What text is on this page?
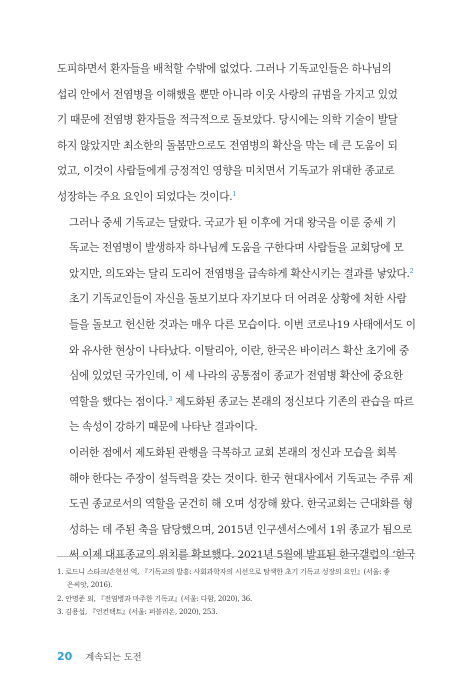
도피하면서 환자들을 배척할 수밖에 없었다. 그러나 기독교인들은 하나님의
섭리 안에서 전염병을 이해했을 뿐만 아니라 이웃 사랑의 규범을 가지고 있었
기 때문에 전염병 환자들을 적극적으로 돌보았다. 당시에는 의학 기술이 발달
하지 않았지만 최소한의 돌봄만으로도 전염병의 확산을 막는 데 큰 도움이 되
었고, 이것이 사람들에게 긍정적인 영향을 미치면서 기독교가 위대한 종교로
성장하는 주요 요인이 되었다는 것이다.$^1$

그러나 중세 기독교는 달랐다. 국교가 된 이후에 거대 왕국을 이룬 중세 기
독교는 전염병이 발생하자 하나님께 도움을 구한다며 사람들을 교회당에 모
았지만, 의도와는 달리 도리어 전염병을 급속하게 확산시키는 결과를 낳았다.$^2$
초기 기독교인들이 자신을 돌보기보다 자기보다 더 어려운 상황에 처한 사람
들을 돌보고 헌신한 것과는 매우 다른 모습이다. 이번 코로나19 사태에서도 이
와 유사한 현상이 나타났다. 이탈리아, 이란, 한국은 바이러스 확산 초기에 중
심에 있었던 국가인데, 이 세 나라의 공통점이 종교가 전염병 확산에 중요한
역할을 했다는 점이다.$^3$ 제도화된 종교는 본래의 정신보다 기존의 관습을 따르
는 속성이 강하기 때문에 나타난 결과이다.

이러한 점에서 제도화된 관행을 극복하고 교회 본래의 정신과 모습을 회복
해야 한다는 주장이 설득력을 갖는 것이다. 한국 현대사에서 기독교는 주류 제
도권 종교로서의 역할을 굳건히 해 오며 성장해 왔다. 한국교회는 근대화를 형
성하는 데 주된 축을 담당했으며, 2015년 인구센서스에서 1위 종교가 됨으로
써 이제 대표종교의 위치를 확보했다. 2021년 5월에 발표된 한국갤럽의 ‘한국

1. 로드니 스타크/손현선 역, 『기독교의 발흥: 사회과학자의 시선으로 탐색한 초기 기독교 성장의 요인』(서울: 좋
은씨앗, 2016).
2. 안명준 외, 『전염병과 마주한 기독교』(서울: 다함, 2020), 36.
3. 김용섭, 『언컨택트』(서울: 퍼블리온, 2020), 253.
20 계속되는 도전
